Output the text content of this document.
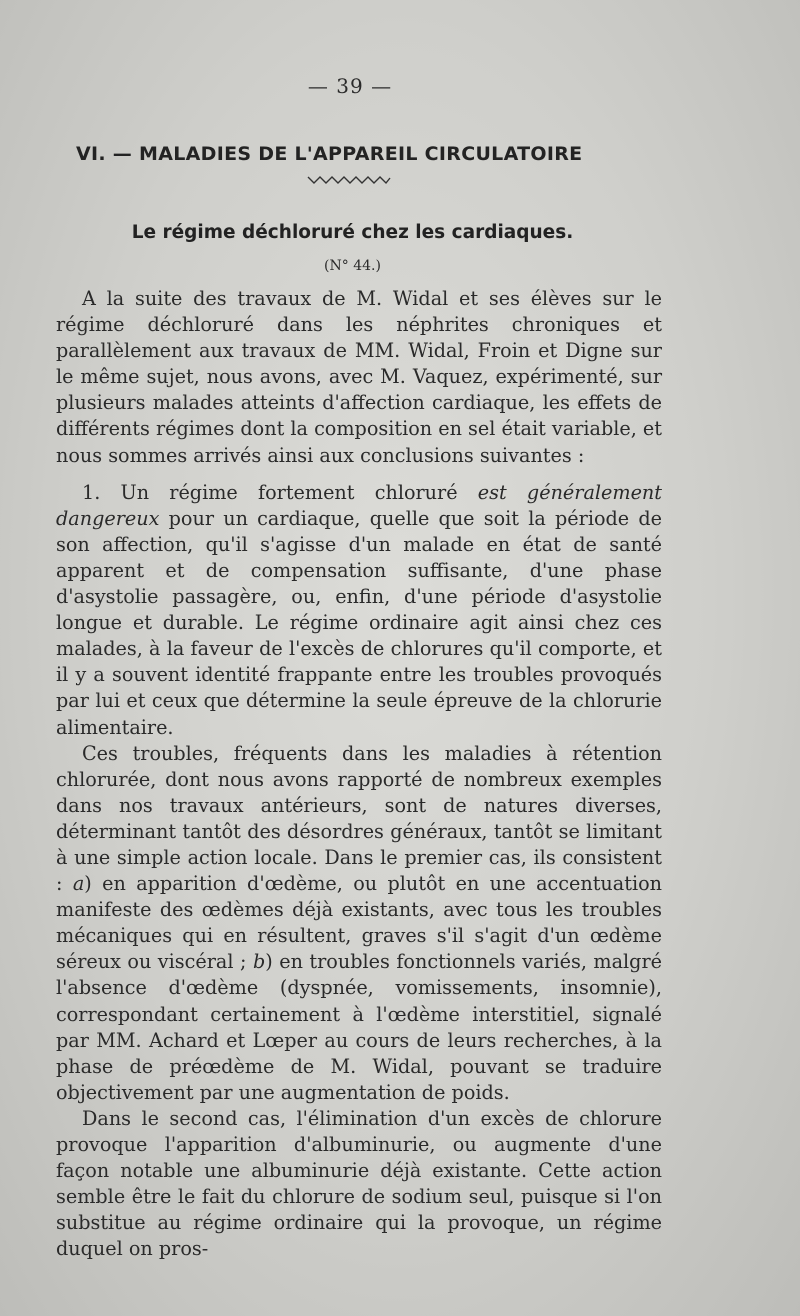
— 39 —
VI. — MALADIES DE L'APPAREIL CIRCULATOIRE
Le régime déchloruré chez les cardiaques.
(N° 44.)

A la suite des travaux de M. Widal et ses élèves sur le régime déchloruré dans les néphrites chroniques et parallèlement aux travaux de MM. Widal, Froin et Digne sur le même sujet, nous avons, avec M. Vaquez, expérimenté, sur plusieurs malades atteints d'affection cardiaque, les effets de différents régimes dont la composition en sel était variable, et nous sommes arrivés ainsi aux conclusions suivantes :

1. Un régime fortement chloruré est généralement dangereux pour un cardiaque, quelle que soit la période de son affection, qu'il s'agisse d'un malade en état de santé apparent et de compensation suffisante, d'une phase d'asystolie passagère, ou, enfin, d'une période d'asystolie longue et durable. Le régime ordinaire agit ainsi chez ces malades, à la faveur de l'excès de chlorures qu'il comporte, et il y a souvent identité frappante entre les troubles provoqués par lui et ceux que détermine la seule épreuve de la chlorurie alimentaire.

Ces troubles, fréquents dans les maladies à rétention chlorurée, dont nous avons rapporté de nombreux exemples dans nos travaux antérieurs, sont de natures diverses, déterminant tantôt des désordres généraux, tantôt se limitant à une simple action locale. Dans le premier cas, ils consistent : a) en apparition d'œdème, ou plutôt en une accentuation manifeste des œdèmes déjà existants, avec tous les troubles mécaniques qui en résultent, graves s'il s'agit d'un œdème séreux ou viscéral ; b) en troubles fonctionnels variés, malgré l'absence d'œdème (dyspnée, vomissements, insomnie), correspondant certainement à l'œdème interstitiel, signalé par MM. Achard et Lœper au cours de leurs recherches, à la phase de préœdème de M. Widal, pouvant se traduire objectivement par une augmentation de poids.

Dans le second cas, l'élimination d'un excès de chlorure provoque l'apparition d'albuminurie, ou augmente d'une façon notable une albuminurie déjà existante. Cette action semble être le fait du chlorure de sodium seul, puisque si l'on substitue au régime ordinaire qui la provoque, un régime duquel on pros-
